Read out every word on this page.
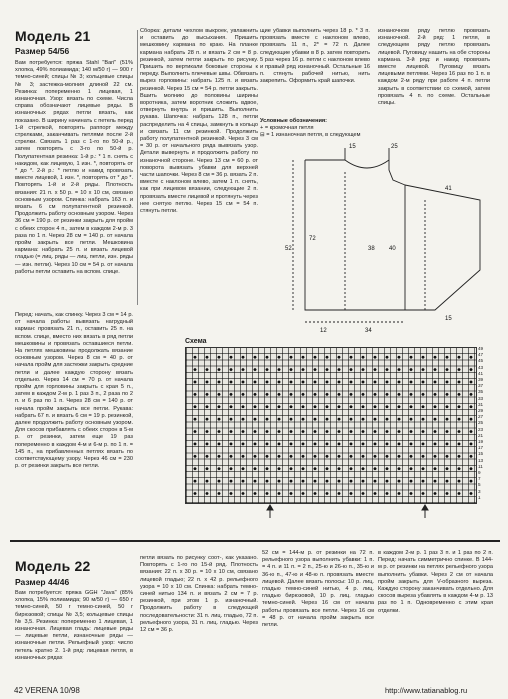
Модель 21
Размер 54/56

Вам потребуется: пряжа Stahl "Bari" (51% хлопка, 49% полиамида; 140 м/50 г) — 900 г темно-синей; спицы № 3; кольцевые спицы № 3; застежка-молния длиной 22 см. Резинка: попеременно 1 лицевая, 1 изнаночная. Узор: вязать по схеме. Числа справа обозначают лицевые ряды. В изнаночных рядах петли вязать, как показано. В ширину начинать с петель перед 1-й стрелкой, повторять раппорт между стрелками, заканчивать петлями после 2-й стрелки. Связать 1 раз с 1-го по 50-й р., затем повторять с 3-го по 50-й р. Полупатентная резинка: 1-й р.: * 1 п. снять с накидом, как лицевую, 1 изн. *, повторять от * до *. 2-й р.: * петлю и накид провязать вместе лицевой, 1 изн. *, повторять от * до *. Повторять 1-й и 2-й ряды. Плотность вязания: 21 п. х 50 р. = 10 х 10 см, связано основным узором. Спинка: набрать 163 п. и вязать 6 см полупатентной резинкой. Продолжить работу основным узором. Через 36 см = 190 р. от резинки закрыть для пройм с обеих сторон 4 п., затем в каждом 2-м р. 3 раза по 1 п. Через 28 см = 140 р. от начала пройм закрыть все петли. Мешковина кармана: набрать 25 п. и вязать лицевой гладью (= лиц. ряды — лиц. петли, изн. ряды — изн. петли). Через 10 см = 54 р. от начала работы петли оставить на вспом. спице.

Перед: начать, как спинку. Через 3 см = 14 р. от начала работы вывязать нагрудный карман: провязать 21 п., оставить 25 п. на вспом. спице, вместо них вязать в ряд петли мешковины и провязать оставшиеся петли. На петлях мешковины продолжать вязание основным узором. Через 8 см = 40 р. от начала пройм для застежки закрыть средние петли и далее каждую сторону вязать отдельно. Через 14 см = 70 р. от начала пройм для горловины закрыть с края 5 п., затем в каждом 2-м р. 1 раз 3 п., 2 раза по 2 п. и 6 раз по 1 п. Через 28 см = 140 р. от начала пройм закрыть все петли. Рукава: набрать 67 п. и вязать 6 см = 19 р. резинкой, далее продолжить работу основным узором. Для скосов прибавлять с обеих сторон в 5-м р. от резинки, затем еще 19 раз попеременно в каждом 4-м и 6-м р. по 1 п. = 145 п., на прибавленных петлях вязать по соответствующему узору. Через 46 см = 230 р. от резинки закрыть все петли.

Сборка: детали чехлом выкроек, увлажнить и оставить до высыхания. Пришить мешковину кармана по краю. На планке кармана набрать 28 п. и вязать 2 см = 8 р. резинкой, затем петли закрыть по рисунку. Пришить по вертикали боковые стороны к переду. Выполнить плечевые швы. Обвязать вырез горловины: набрать 125 п. и вязать резинкой. Через 15 см = 54 р. петли закрыть. Вшить молнию до половины ширины воротника, затем воротник сложить вдвое, отвернуть внутрь и пришить. Выполнить рукава. Шапочка: набрать 128 п., петли распределить на 4 спицы, замкнуть в кольцо и связать 11 см резинкой. Продолжить работу полупатентной резинкой. Через 3 см = 30 р. от начального ряда вывязать узор. Детали вывернуть и продолжить работу по изнаночной стороне. Через 13 см = 60 р. от поворота вывязать убавки для верхней части шапочки. Через 8 см = 36 р. вязать 2 п. вместе с наклоном влево, затем 1 п. снять, как при лицевом вязании, следующие 2 п. провязать вместе лицевой и протянуть через нее снятую петлю. Через 15 см = 54 п. стянуть петли.

щие убавки выполнить через 18 р. * 3 п. провязать вместе с наклоном влево, провязать 11 п., 2* = 72 п. Далее следующие убавки в 8 р. затем повторить 5 раз через 16 р. петли с наклоном влево и правый ряд изнаночный. Остальные 16 п. стянуть рабочей нитью, нить закрепить. Оформить край шапочки.

изнаночном ряду петлю провязать изнаночной. 2-й ряд: 1 петля, в следующем ряду петлю провязать лицевой. Пуговицу нашить на обе стороны кармана. 3-й ряд: и накид провязать вместе лицевой. Пуговицу вязать лицевыми петлями. Через 16 раз по 1 п. в каждом 2-м ряду при работе 4 п. петли закрыть в соответствии со схемой, затем провязать 4 п. по схеме. Остальные спицы.

Условные обозначения:
+ = кромочная петля
⊟ = 1 изнаночная петля, в следующем
52
72
38 40
15	25
41
12	34
15
Схема
49
47
45
43
41
39
37
35
33
31
29
27
25
23
21
19
17
15
13
11
9
7
5
3
1
Модель 22
Размер 44/46

Вам потребуется: пряжа GGH "Java" (85% хлопка, 15% полиамида; 90 м/50 г) — 650 г темно-синей, 50 г темно-синей, 50 г бирюзовой; спицы № 3,5; кольцевые спицы № 3,5. Резинка: попеременно 1 лицевая, 1 изнаночная. Лицевая гладь: лицевые ряды — лицевые петли, изнаночные ряды — изнаночные петли. Рельефный узор: число петель кратно 2. 1-й ряд: лицевая петля, в изнаночных рядах

петли вязать по рисунку соот-, как указано. Повторять с 1-го по 15-й ряд. Плотность вязания: 22 п. х 30 р. = 10 х 10 см, связано лицевой гладью; 22 п. х 42 р. рельефного узора = 10 х 10 см. Спинка: набрать темно-синей нитью 134 п. и вязать 2 см = 7 р. резинкой, при этом 1 р. изнаночный. Продолжить работу в следующей последовательности: 31 п. лиц. гладью, 72 п. рельефного узора, 31 п. лиц. гладью. Через 12 см = 36 р.

52 см = 144-м р. от резинки на 72 п. рельефного узора выполнить убавки: 1 п. = 4 п. и 11 п. = 2 п., 25-ю и 26-ю п., 35-ю и 36-ю п., 47-ю и 48-ю п. провязать вместе лицевой. Далее вязать полосы: 10 р. лиц. гладью темно-синей нитью, 4 р. лиц. гладью бирюзовой, 10 р. лиц. гладью темно-синей. Через 16 см от начала работы провязать все петли. Через 16 см = 48 р. от начала пройм закрыть все петли.

в каждом 2-м р. 1 раз 3 п. и 1 раз по 2 п. Перед: начать симметрично спинке. В 144-м р. от резинки на петлях рельефного узора выполнить убавки. Через 2 см от начала пройм закрыть для V-образного выреза. Каждую сторону заканчивать отдельно. Для скосов выреза убавлять в каждом 4-м р. 13 раз по 1 п. Одновременно с этим края отделки.

42 VERENA 10/98	http://www.tatianablog.ru
